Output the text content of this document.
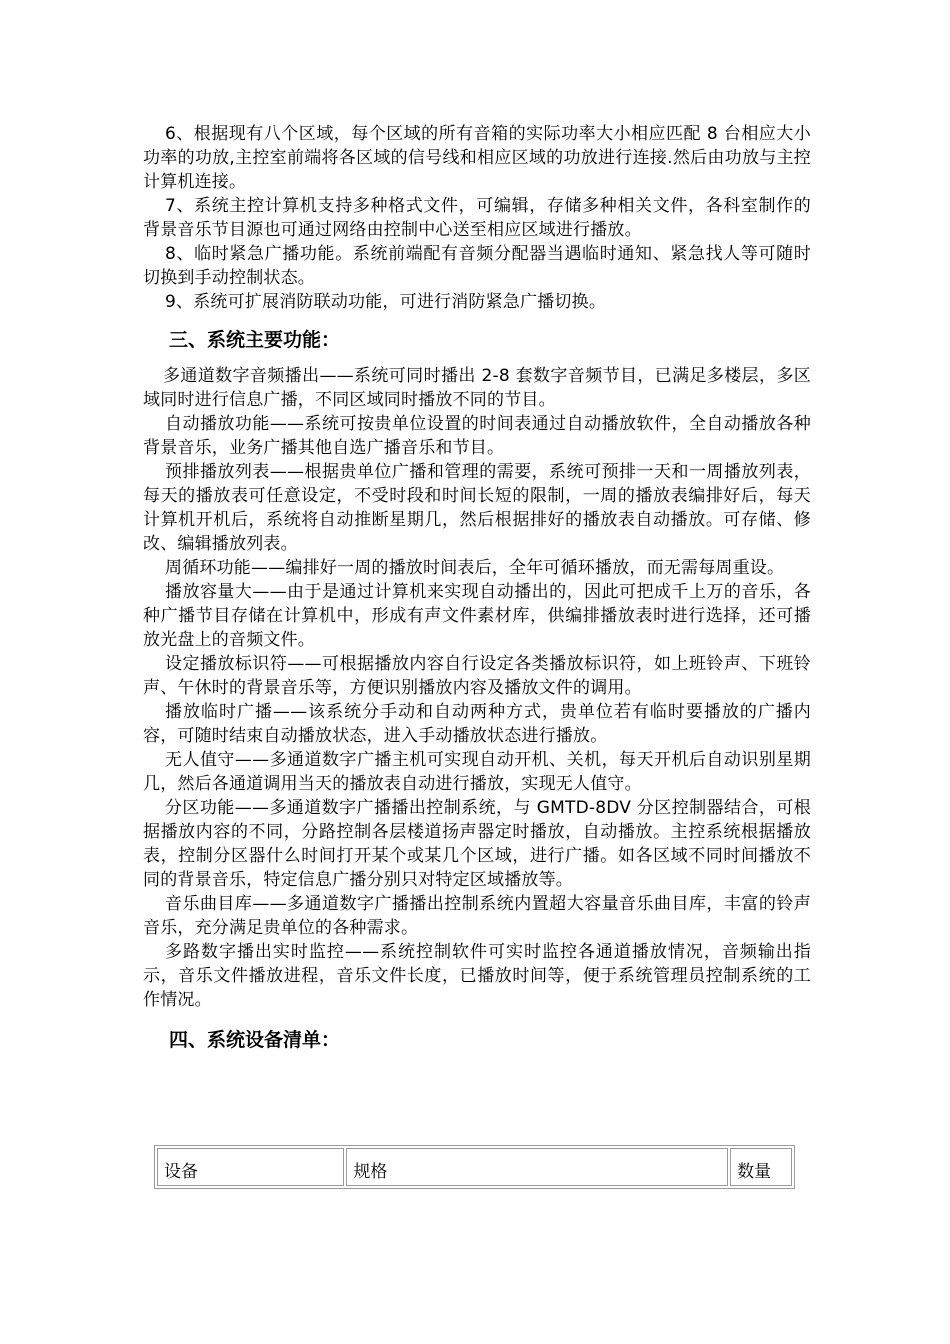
6、根据现有八个区域，每个区域的所有音箱的实际功率大小相应匹配 8 台相应大小功率的功放,主控室前端将各区域的信号线和相应区域的功放进行连接.然后由功放与主控计算机连接。

7、系统主控计算机支持多种格式文件，可编辑，存储多种相关文件，各科室制作的背景音乐节目源也可通过网络由控制中心送至相应区域进行播放。

8、临时紧急广播功能。系统前端配有音频分配器当遇临时通知、紧急找人等可随时切换到手动控制状态。

9、系统可扩展消防联动功能，可进行消防紧急广播切换。

三、系统主要功能：

多通道数字音频播出——系统可同时播出 2-8 套数字音频节目，已满足多楼层，多区域同时进行信息广播，不同区域同时播放不同的节目。

自动播放功能——系统可按贵单位设置的时间表通过自动播放软件，全自动播放各种背景音乐，业务广播其他自选广播音乐和节目。

预排播放列表——根据贵单位广播和管理的需要，系统可预排一天和一周播放列表，每天的播放表可任意设定，不受时段和时间长短的限制，一周的播放表编排好后，每天计算机开机后，系统将自动推断星期几，然后根据排好的播放表自动播放。可存储、修改、编辑播放列表。

周循环功能——编排好一周的播放时间表后，全年可循环播放，而无需每周重设。

播放容量大——由于是通过计算机来实现自动播出的，因此可把成千上万的音乐，各种广播节目存储在计算机中，形成有声文件素材库，供编排播放表时进行选择，还可播放光盘上的音频文件。

设定播放标识符——可根据播放内容自行设定各类播放标识符，如上班铃声、下班铃声、午休时的背景音乐等，方便识别播放内容及播放文件的调用。

播放临时广播——该系统分手动和自动两种方式，贵单位若有临时要播放的广播内容，可随时结束自动播放状态，进入手动播放状态进行播放。

无人值守——多通道数字广播主机可实现自动开机、关机，每天开机后自动识别星期几，然后各通道调用当天的播放表自动进行播放，实现无人值守。

分区功能——多通道数字广播播出控制系统，与 GMTD-8DV 分区控制器结合，可根据播放内容的不同，分路控制各层楼道扬声器定时播放，自动播放。主控系统根据播放表，控制分区器什么时间打开某个或某几个区域，进行广播。如各区域不同时间播放不同的背景音乐，特定信息广播分别只对特定区域播放等。

音乐曲目库——多通道数字广播播出控制系统内置超大容量音乐曲目库，丰富的铃声音乐，充分满足贵单位的各种需求。

多路数字播出实时监控——系统控制软件可实时监控各通道播放情况，音频输出指示，音乐文件播放进程，音乐文件长度，已播放时间等，便于系统管理员控制系统的工作情况。

四、系统设备清单：
设备	规格	数量
